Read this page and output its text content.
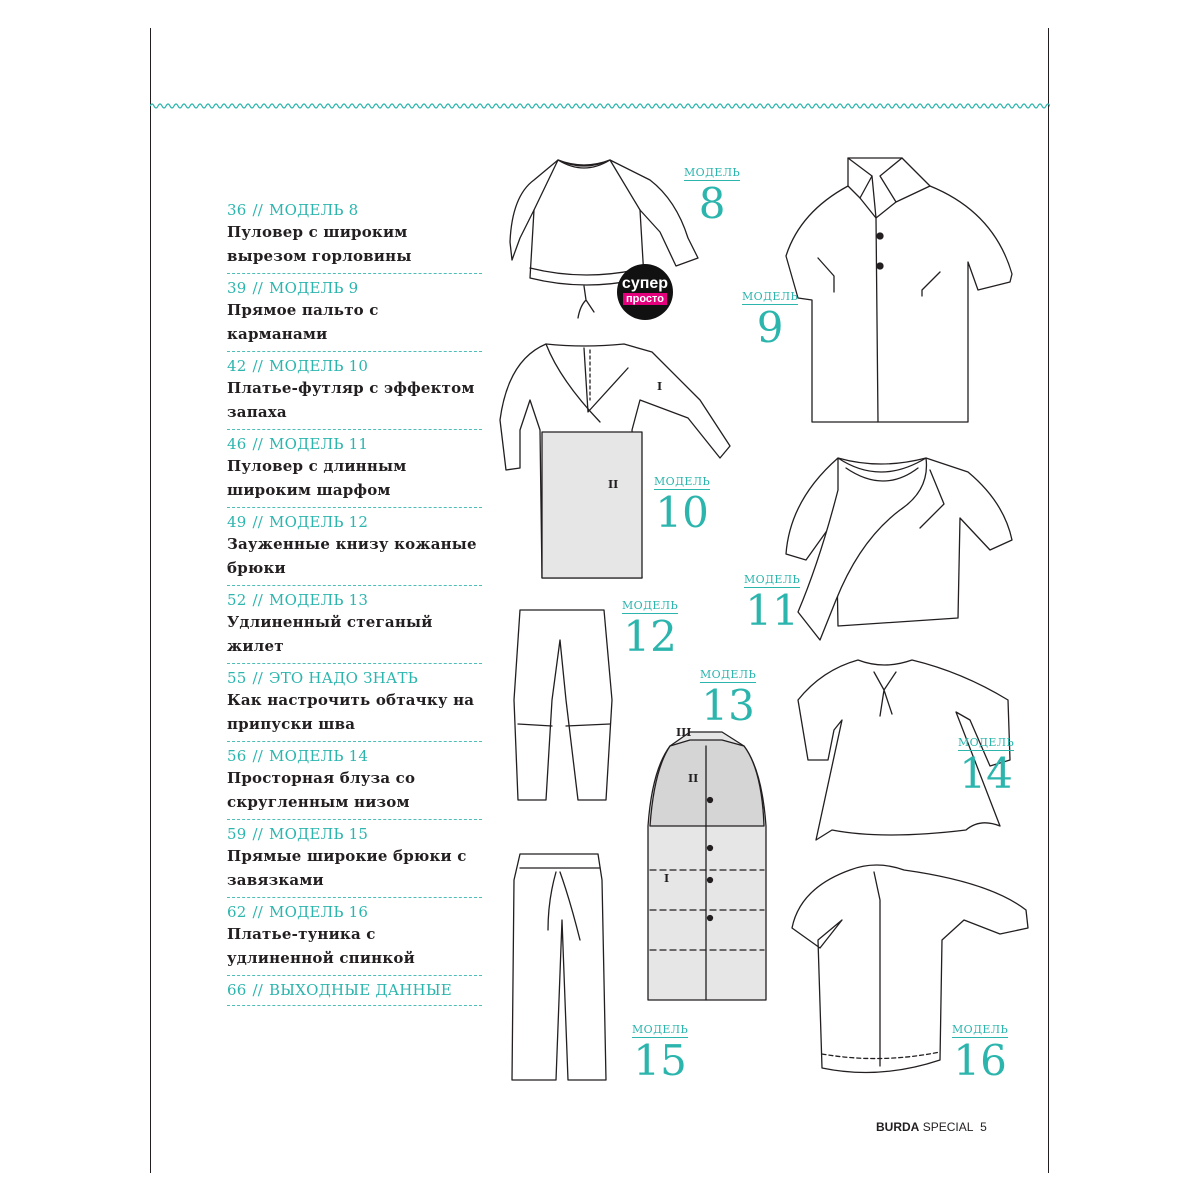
36 // МОДЕЛЬ 8
Пуловер с широким вырезом горловины
39 // МОДЕЛЬ 9
Прямое пальто с карманами
42 // МОДЕЛЬ 10
Платье-футляр с эффектом запаха
46 // МОДЕЛЬ 11
Пуловер с длинным широким шарфом
49 // МОДЕЛЬ 12
Зауженные книзу кожаные брюки
52 // МОДЕЛЬ 13
Удлиненный стеганый жилет
55 // ЭТО НАДО ЗНАТЬ
Как настрочить обтачку на припуски шва
56 // МОДЕЛЬ 14
Просторная блуза со скругленным низом
59 // МОДЕЛЬ 15
Прямые широкие брюки с завязками
62 // МОДЕЛЬ 16
Платье-туника с удлиненной спинкой
66 // ВЫХОДНЫЕ ДАННЫЕ
МОДЕЛЬ
8
МОДЕЛЬ
9
МОДЕЛЬ
10
МОДЕЛЬ
11
МОДЕЛЬ
12
МОДЕЛЬ
13
МОДЕЛЬ
14
МОДЕЛЬ
15
МОДЕЛЬ
16
I
II
III
II
I
супер
просто
BURDA SPECIAL 5
